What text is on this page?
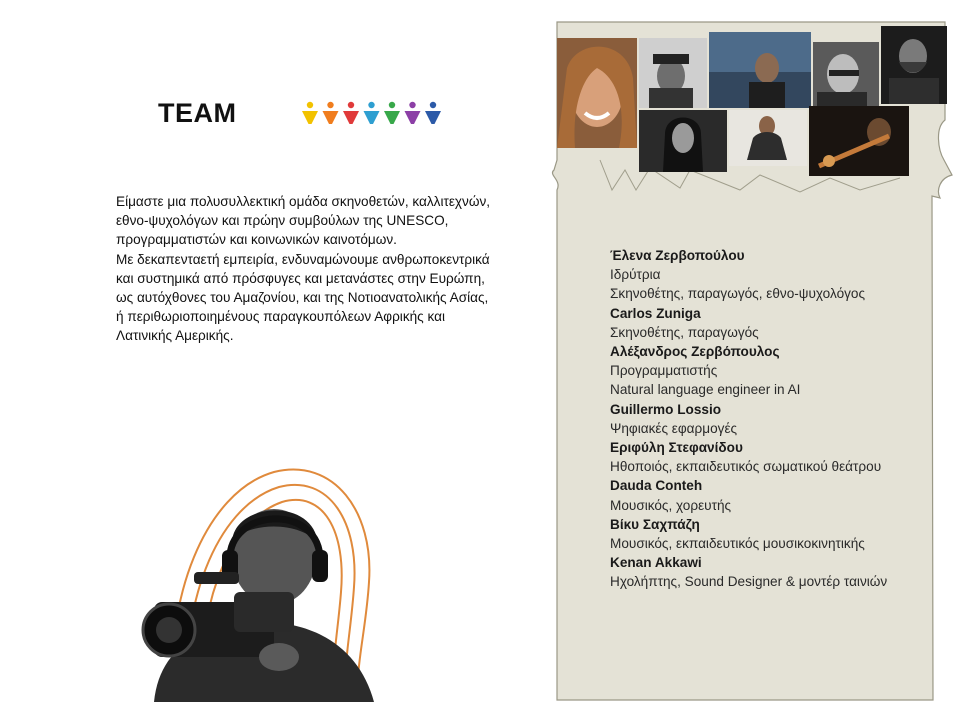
TEAM

Είμαστε μια πολυσυλλεκτική ομάδα σκηνοθετών, καλλιτεχνών, εθνο-ψυχολόγων και πρώην συμβούλων της UNESCO, προγραμματιστών και κοινωνικών καινοτόμων.

Με δεκαπενταετή εμπειρία, ενδυναμώνουμε ανθρωποκεντρικά και συστημικά από πρόσφυγες και μετανάστες στην Ευρώπη, ως αυτόχθονες του Αμαζονίου, και της Νοτιοανατολικής Ασίας, ή περιθωριοποιημένους παραγκουπόλεων Αφρικής και Λατινικής Αμερικής.

Έλενα Ζερβοπούλου
Ιδρύτρια
Σκηνοθέτης, παραγωγός, εθνο-ψυχολόγος
Carlos Zuniga
Σκηνοθέτης, παραγωγός
Αλέξανδρος Ζερβόπουλος
Προγραμματιστής
Natural language engineer in AI
Guillermo Lossio
Ψηφιακές εφαρμογές
Εριφύλη Στεφανίδου
Ηθοποιός, εκπαιδευτικός σωματικού θεάτρου
Dauda Conteh
Μουσικός, χορευτής
Βίκυ Σαχπάζη
Μουσικός, εκπαιδευτικός μουσικοκινητικής
Kenan Akkawi
Ηχολήπτης, Sound Designer & μοντέρ ταινιών
